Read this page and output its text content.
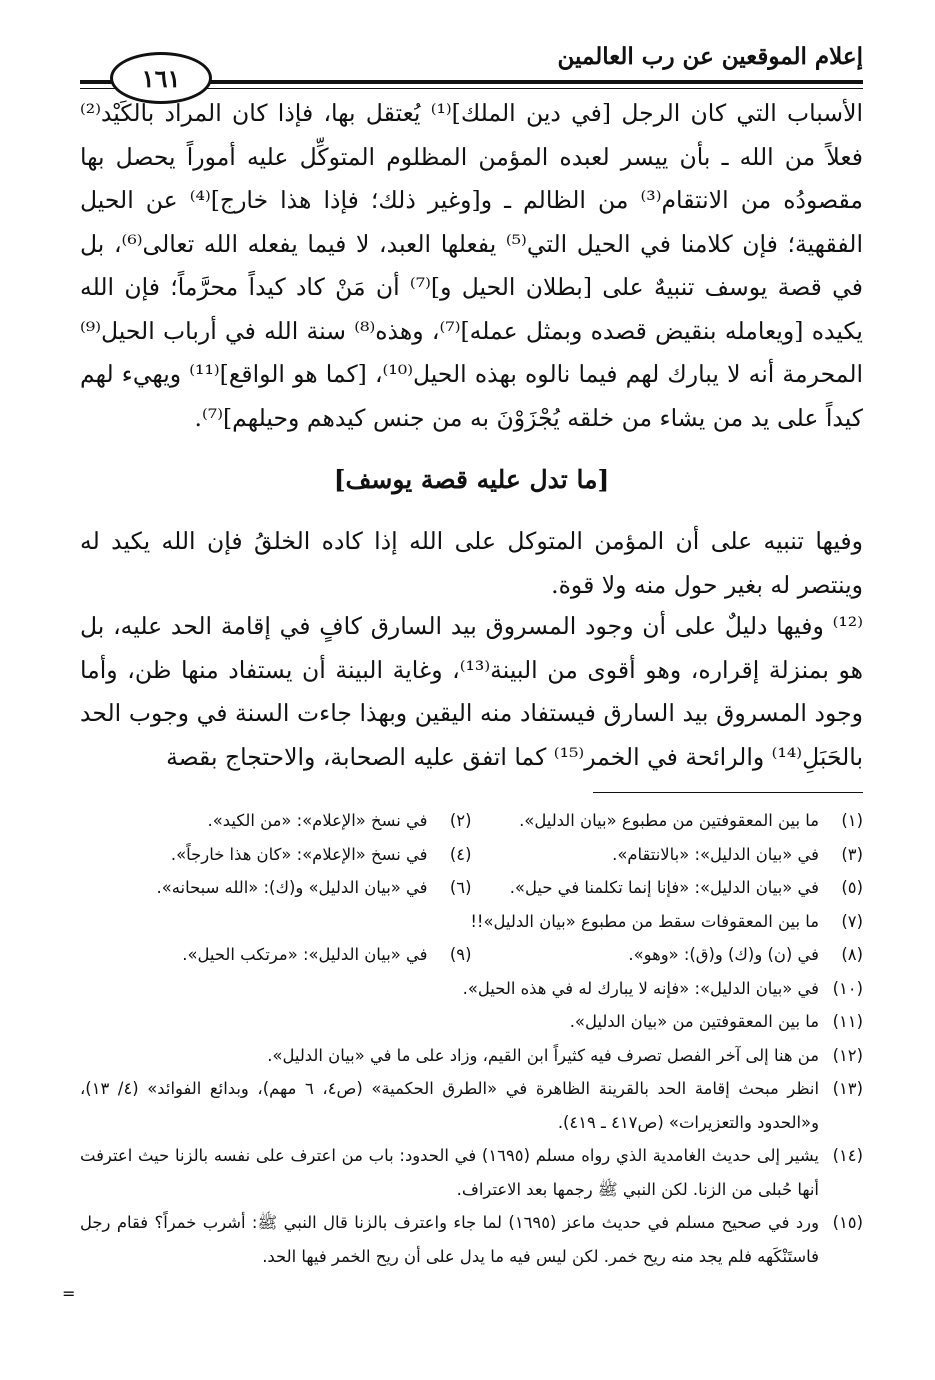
إعلام الموقعين عن رب العالمين
١٦١

الأسباب التي كان الرجل [في دين الملك]⁽¹⁾ يُعتقل بها، فإذا كان المراد بالكَيْد⁽²⁾ فعلاً من الله ـ بأن ييسر لعبده المؤمن المظلوم المتوكِّل عليه أموراً يحصل بها مقصودُه من الانتقام⁽³⁾ من الظالم ـ و[وغير ذلك؛ فإذا هذا خارج]⁽⁴⁾ عن الحيل الفقهية؛ فإن كلامنا في الحيل التي⁽⁵⁾ يفعلها العبد، لا فيما يفعله الله تعالى⁽⁶⁾، بل في قصة يوسف تنبيهٌ على [بطلان الحيل و]⁽⁷⁾ أن مَنْ كاد كيداً محرَّماً؛ فإن الله يكيده [ويعامله بنقيض قصده وبمثل عمله]⁽⁷⁾، وهذه⁽⁸⁾ سنة الله في أرباب الحيل⁽⁹⁾ المحرمة أنه لا يبارك لهم فيما نالوه بهذه الحيل⁽¹⁰⁾، [كما هو الواقع]⁽¹¹⁾ ويهيء لهم كيداً على يد من يشاء من خلقه يُجْزَوْنَ به من جنس كيدهم وحيلهم]⁽⁷⁾.

[ما تدل عليه قصة يوسف]

وفيها تنبيه على أن المؤمن المتوكل على الله إذا كاده الخلقُ فإن الله يكيد له وينتصر له بغير حول منه ولا قوة.

⁽¹²⁾ وفيها دليلٌ على أن وجود المسروق بيد السارق كافٍ في إقامة الحد عليه، بل هو بمنزلة إقراره، وهو أقوى من البينة⁽¹³⁾، وغاية البينة أن يستفاد منها ظن، وأما وجود المسروق بيد السارق فيستفاد منه اليقين وبهذا جاءت السنة في وجوب الحد بالحَبَلِ⁽¹⁴⁾ والرائحة في الخمر⁽¹⁵⁾ كما اتفق عليه الصحابة، والاحتجاج بقصة

(١)
ما بين المعقوفتين من مطبوع «بيان الدليل».
(٢)
في نسخ «الإعلام»: «من الكيد».
(٣)
في «بيان الدليل»: «بالانتقام».
(٤)
في نسخ «الإعلام»: «كان هذا خارجاً».
(٥)
في «بيان الدليل»: «فإنا إنما تكلمنا في حيل».
(٦)
في «بيان الدليل» و(ك): «الله سبحانه».
(٧)
ما بين المعقوفات سقط من مطبوع «بيان الدليل»!!
(٨)
في (ن) و(ك) و(ق): «وهو».
(٩)
في «بيان الدليل»: «مرتكب الحيل».
(١٠)
في «بيان الدليل»: «فإنه لا يبارك له في هذه الحيل».
(١١)
ما بين المعقوفتين من «بيان الدليل».
(١٢)
من هنا إلى آخر الفصل تصرف فيه كثيراً ابن القيم، وزاد على ما في «بيان الدليل».
(١٣)
انظر مبحث إقامة الحد بالقرينة الظاهرة في «الطرق الحكمية» (ص٤، ٦ مهم)، وبدائع الفوائد» (٤/ ١٣)، و«الحدود والتعزيرات» (ص٤١٧ ـ ٤١٩).
(١٤)
يشير إلى حديث الغامدية الذي رواه مسلم (١٦٩٥) في الحدود: باب من اعترف على نفسه بالزنا حيث اعترفت أنها حُبلى من الزنا. لكن النبي ﷺ رجمها بعد الاعتراف.
(١٥)
ورد في صحيح مسلم في حديث ماعز (١٦٩٥) لما جاء واعترف بالزنا قال النبي ﷺ: أشرب خمراً؟ فقام رجل فاستَنْكَهه فلم يجد منه ريح خمر. لكن ليس فيه ما يدل على أن ريح الخمر فيها الحد.
=
